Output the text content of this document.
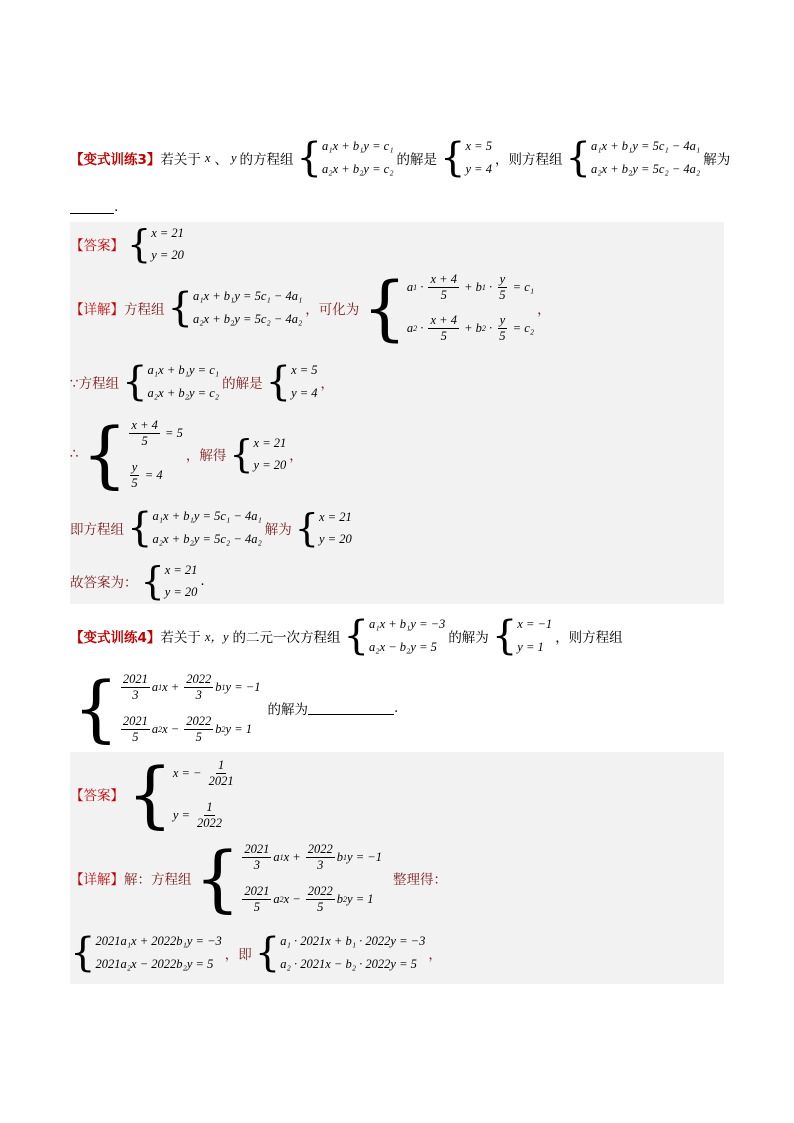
【变式训练3】 若关于 x 、 y 的方程组 { a₁x + b₁y = c₁
a₂x + b₂y = c₂
的解是 { x = 5
y = 4
，则方程组 { a₁x + b₁y = 5c₁ − 4a₁
a₂x + b₂y = 5c₂ − 4a₂
解为
.
【答案】 { x = 21
y = 20
【详解】 方程组 { a₁x + b₁y = 5c₁ − 4a₁
a₂x + b₂y = 5c₂ − 4a₂
，可化为 { a $1 \cdot \frac{x + 4}{5} + b$ $1 \cdot \frac{y}{5}$
= c₁
a $2 \cdot \frac{x + 4}{5} + b$ $2 \cdot \frac{y}{5}$
= c₂
，
∵方程组 { a₁x + b₁y = c₁
a₂x + b₂y = c₂
的解是 { x = 5
y = 4
，
∴ { $\frac{x + 4}{5}$
= 5
$\frac{y}{5}$
= 4
，解得 { x = 21
y = 20
，
即方程组 { a₁x + b₁y = 5c₁ − 4a₁
a₂x + b₂y = 5c₂ − 4a₂
解为 { x = 21
y = 20
故答案为： { x = 21
y = 20
.
【变式训练4】 若关于 x，y 的二元一次方程组 { a₁x + b₁y = −3
a₂x − b₂y = 5
的解为 { x = −1
y = 1
，则方程组
{ $\frac{2021}{3}$ a 1 $x + \frac{2022}{3}$ b 1 y = −1
$\frac{2021}{5}$ a 2 $x - \frac{2022}{5}$ b 2 y = 1
的解为	.
【答案】 { x = −
$\frac{1}{2021}$
y =
$\frac{1}{2022}$
【详解】 解：方程组 { $\frac{2021}{3}$ a 1 $x + \frac{2022}{3}$ b 1 y = −1
$\frac{2021}{5}$ a 2 $x - \frac{2022}{5}$ b 2 y = 1
整理得：
{ 2021a₁x + 2022b₁y = −3
2021a₂x − 2022b₂y = 5
，即 { a₁ · 2021x + b₁ · 2022y = −3
a₂ · 2021x − b₂ · 2022y = 5
，
